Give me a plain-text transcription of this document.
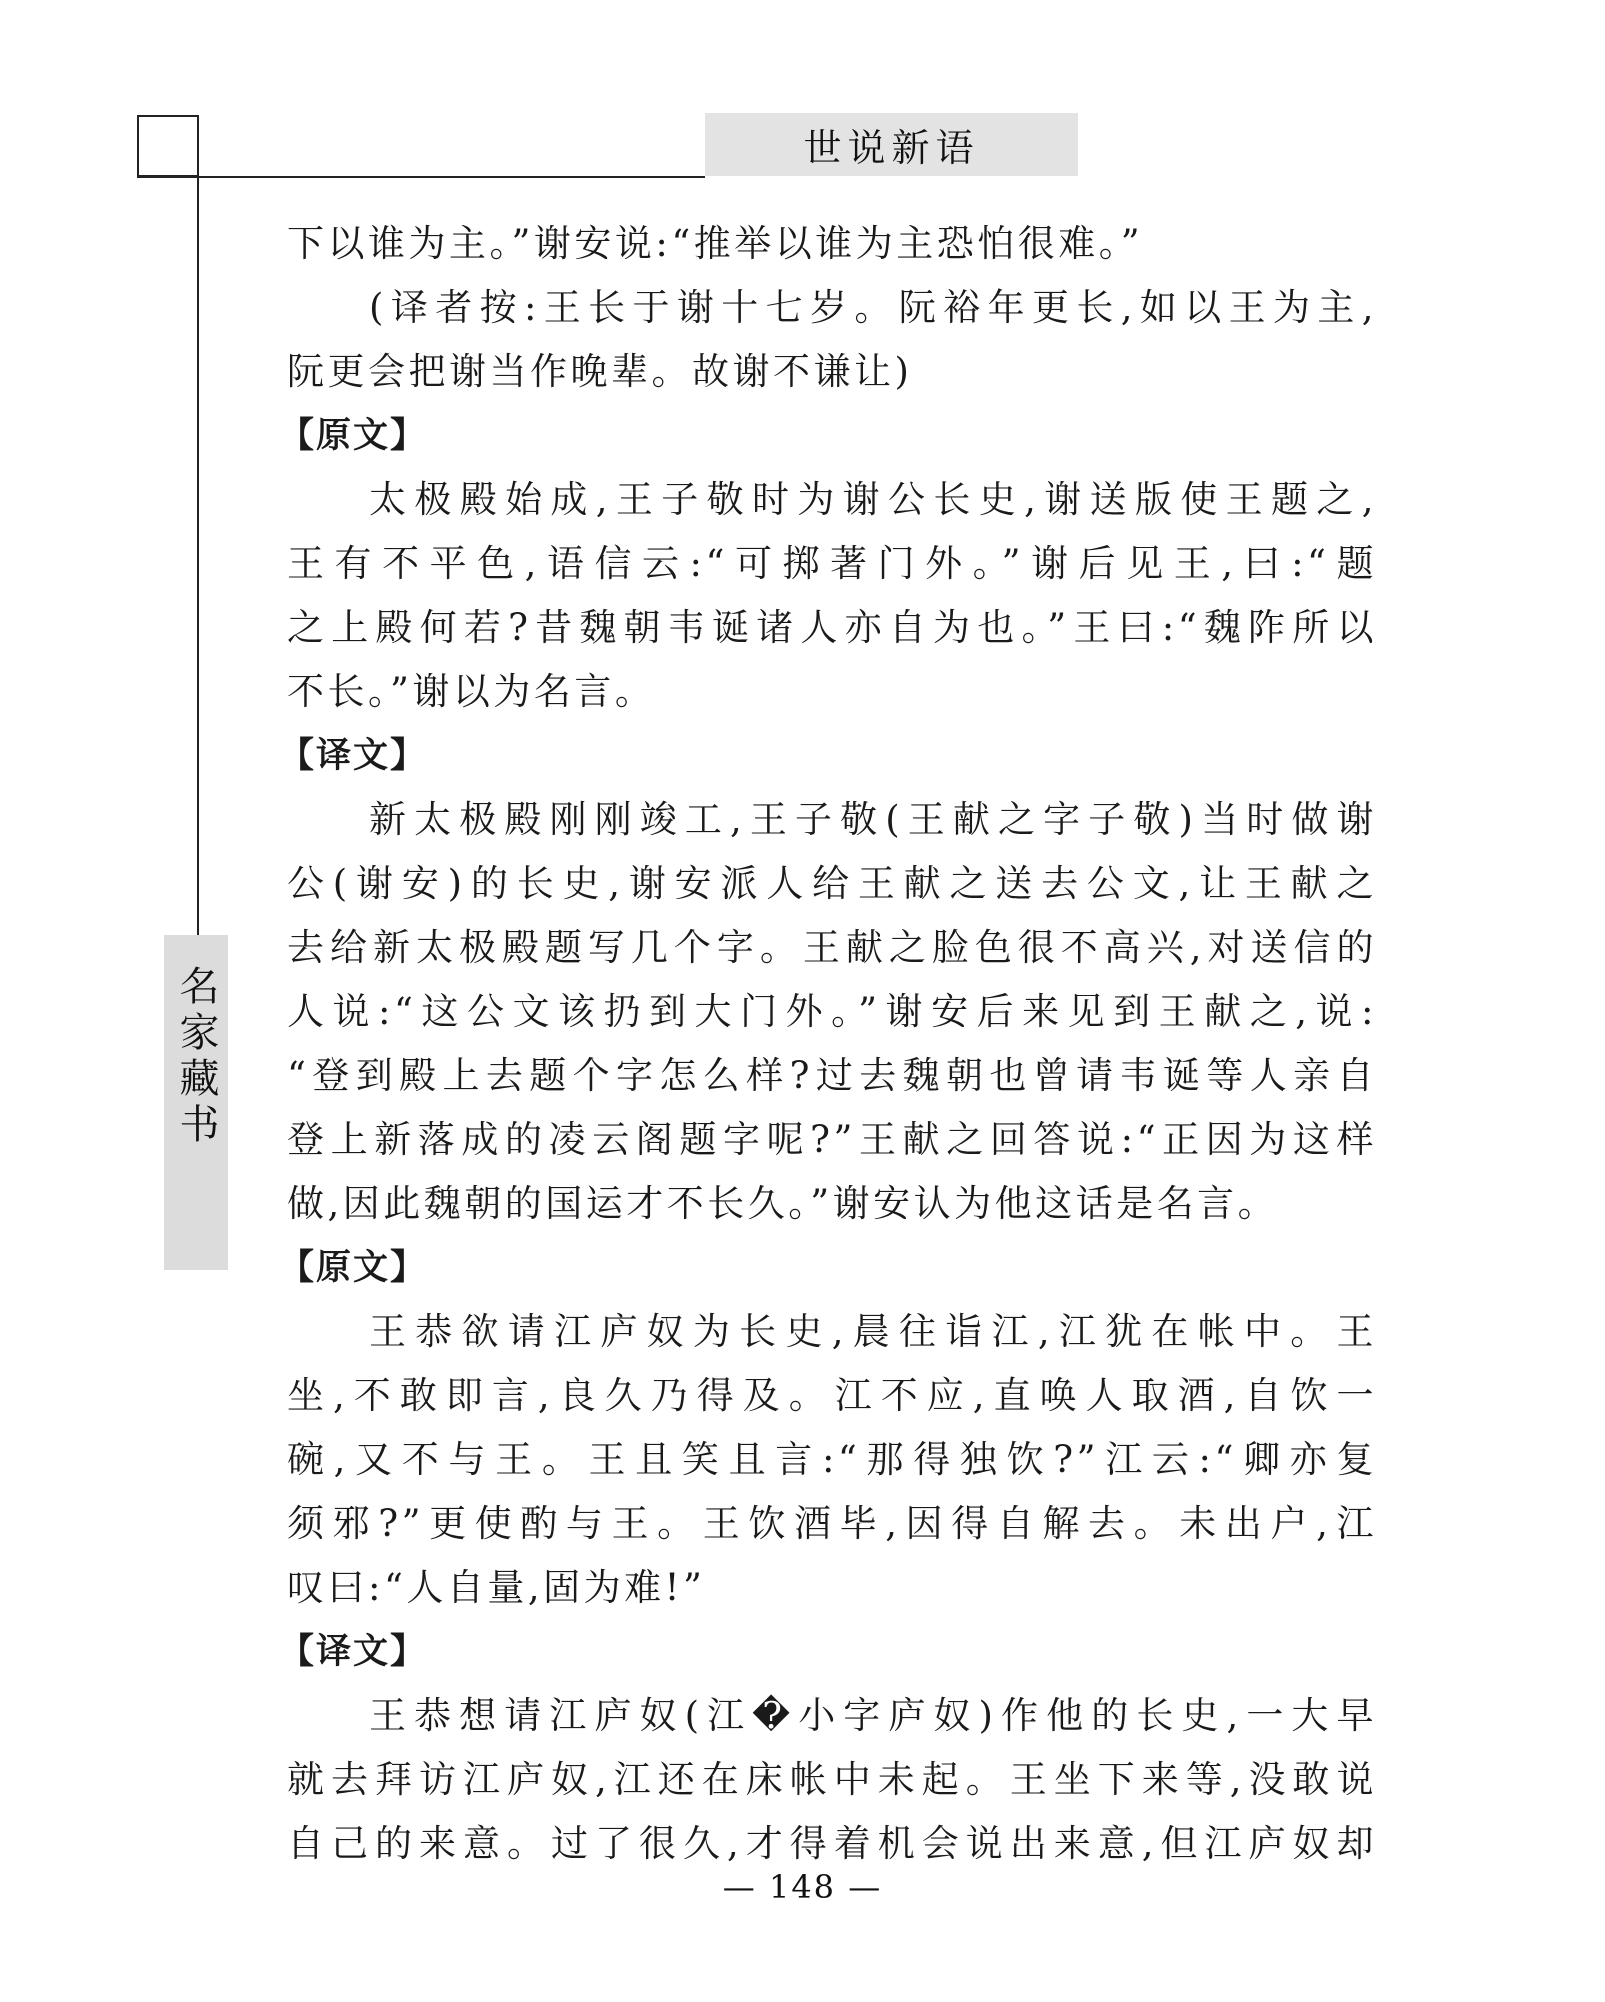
世说新语
名家藏书
下以谁为主。”谢安说:“推举以谁为主恐怕很难。”
(译者按:王长于谢十七岁。阮裕年更长,如以王为主,
阮更会把谢当作晚辈。故谢不谦让)
【原文】
太极殿始成,王子敬时为谢公长史,谢送版使王题之,
王有不平色,语信云:“可掷著门外。”谢后见王,曰:“题
之上殿何若?昔魏朝韦诞诸人亦自为也。”王曰:“魏阼所以
不长。”谢以为名言。
【译文】
新太极殿刚刚竣工,王子敬(王献之字子敬)当时做谢
公(谢安)的长史,谢安派人给王献之送去公文,让王献之
去给新太极殿题写几个字。王献之脸色很不高兴,对送信的
人说:“这公文该扔到大门外。”谢安后来见到王献之,说:
“登到殿上去题个字怎么样?过去魏朝也曾请韦诞等人亲自
登上新落成的凌云阁题字呢?”王献之回答说:“正因为这样
做,因此魏朝的国运才不长久。”谢安认为他这话是名言。
【原文】
王恭欲请江庐奴为长史,晨往诣江,江犹在帐中。王
坐,不敢即言,良久乃得及。江不应,直唤人取酒,自饮一
碗,又不与王。王且笑且言:“那得独饮?”江云:“卿亦复
须邪?”更使酌与王。王饮酒毕,因得自解去。未出户,江
叹曰:“人自量,固为难!”
【译文】
王恭想请江庐奴(江�小字庐奴)作他的长史,一大早
就去拜访江庐奴,江还在床帐中未起。王坐下来等,没敢说
自己的来意。过了很久,才得着机会说出来意,但江庐奴却
— 148 —
